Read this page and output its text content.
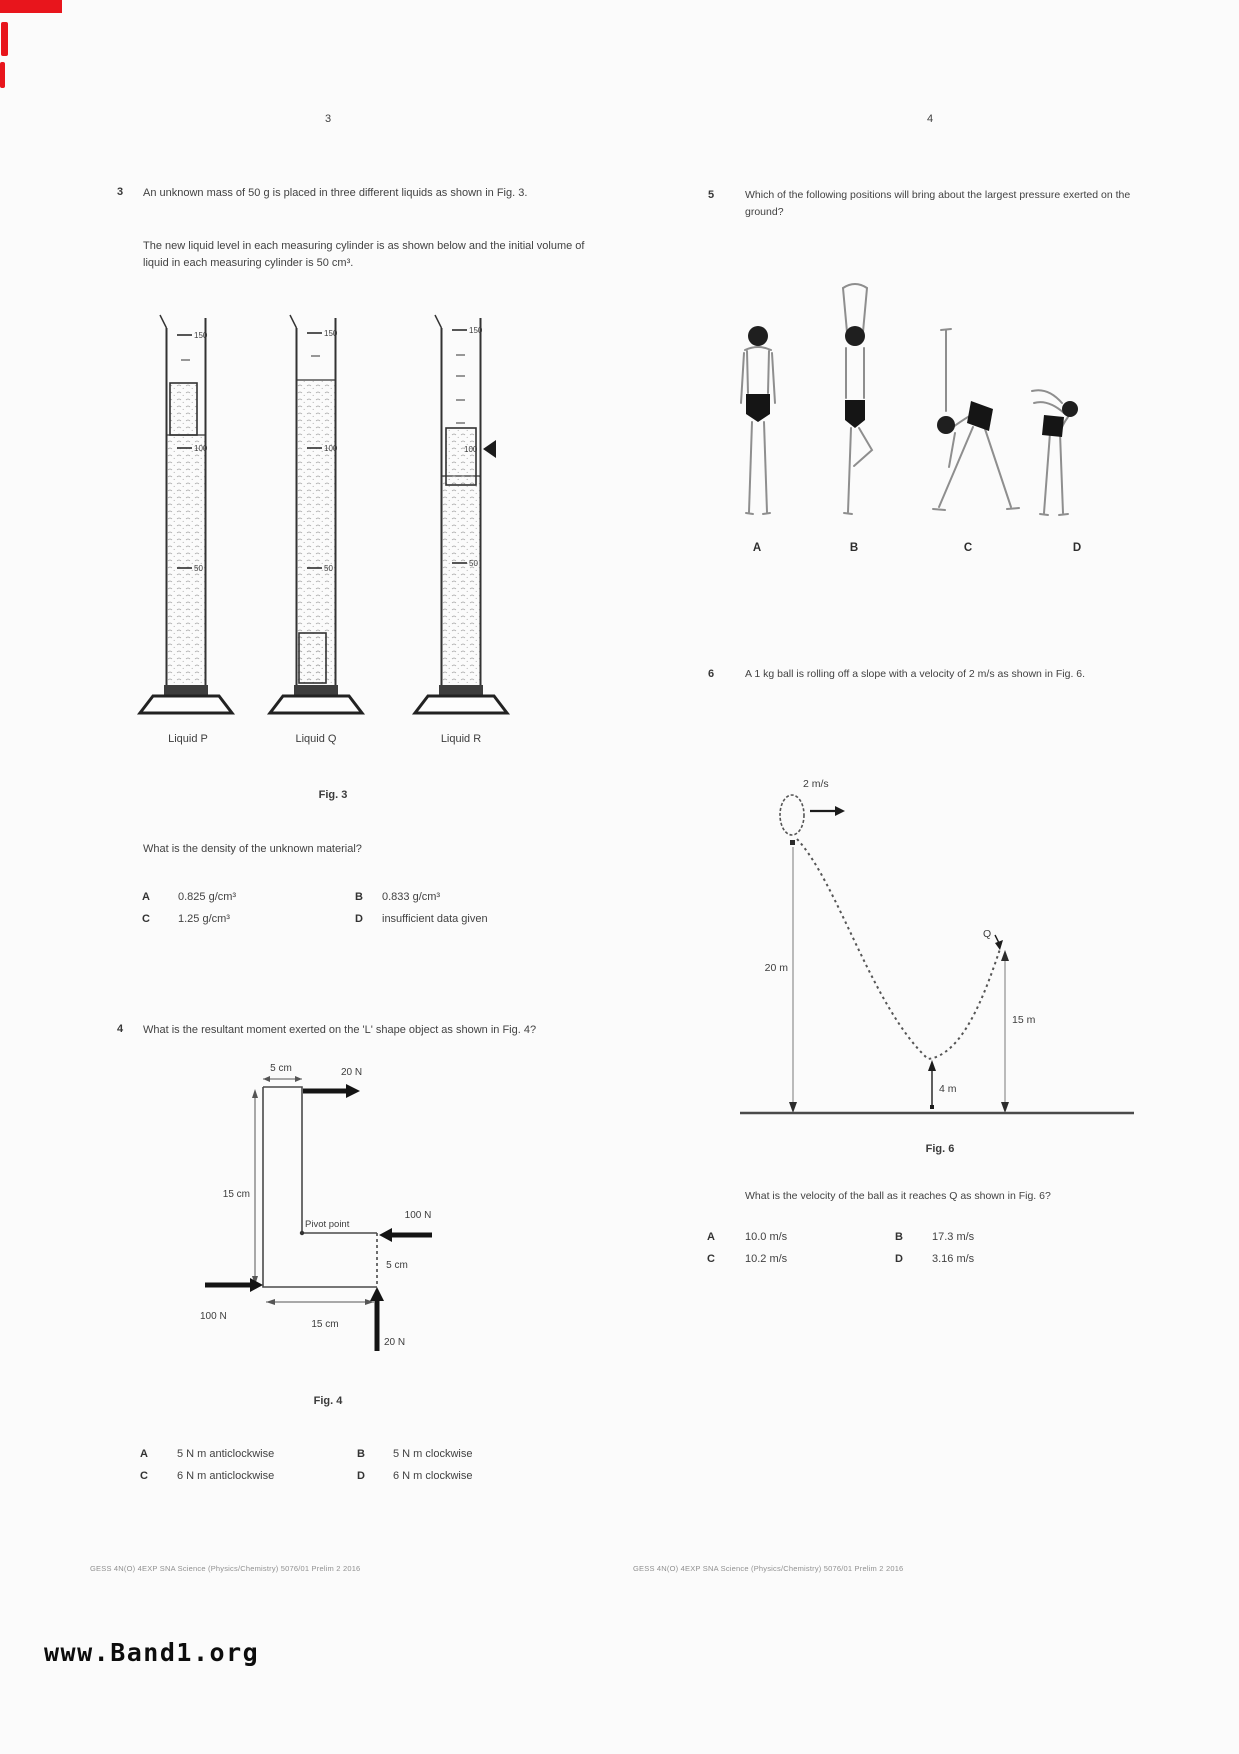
3
3 An unknown mass of 50 g is placed in three different liquids as shown in Fig. 3.
The new liquid level in each measuring cylinder is as shown below and the initial volume of liquid in each measuring cylinder is 50 cm³.
150
100
50
150
100
50
150
100
50
Liquid P	Liquid Q	Liquid R
Fig. 3
What is the density of the unknown material?
A	0.825 g/cm³	B	0.833 g/cm³
C	1.25 g/cm³	D	insufficient data given
4 What is the resultant moment exerted on the 'L' shape object as shown in Fig. 4?
5 cm	20 N
15 cm
Pivot point
100 N
5 cm
100 N
15 cm
20 N
Fig. 4
A	5 N m anticlockwise	B	5 N m clockwise
C	6 N m anticlockwise	D	6 N m clockwise
GESS 4N(O) 4EXP SNA Science (Physics/Chemistry) 5076/01 Prelim 2 2016
4
5	Which of the following positions will bring about the largest pressure exerted on the ground?
A	B	C	D
6	A 1 kg ball is rolling off a slope with a velocity of 2 m/s as shown in Fig. 6.
2 m/s
20 m
Q
15 m
4 m
Fig. 6
What is the velocity of the ball as it reaches Q as shown in Fig. 6?
A	10.0 m/s	B	17.3 m/s
C	10.2 m/s	D	3.16 m/s
GESS 4N(O) 4EXP SNA Science (Physics/Chemistry) 5076/01 Prelim 2 2016
www.Band1.org
